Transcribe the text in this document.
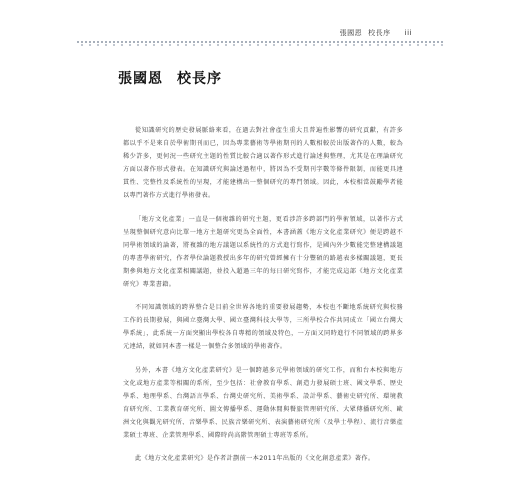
張國恩 校長序 iii
張國恩 校長序

從知識研究的歷史發展脈絡來看，在過去對社會產生重大且普遍性影響的研究貢獻，有許多都以乎不是來自於學術期刊而已，因為專業藝術等學術期刊的人數相較於出版著作的人數，較為稀少許多，更何況一些研究主題的性質比較合適以著作形式進行論述與整理，尤其是在理論研究方面以著作形式發表。在知識研究與論述過程中，將因為不受期刊字數等條件限制，而能更具連貫性、完整性及系統性的呈現，才能建構出一整個研究的專門領域。因此，本校相當鼓勵學者能以專門著作方式進行學術發表。

「地方文化產業」一直是一個複雜的研究主題，更看涉許多跨部門的學術領域，以著作方式呈現整個研究意向比單一地方主題研究更為全面性，本書涵蓋《地方文化產業研究》便是跨越不同學術領域的論著，將複雜的地方議題以系統性的方式進行寫作，是國內外少數能完整建構議題的專書學術研究，作者學位論題教授出多年的研究曾經擁有十分豐碩的路越表多樣關議題，更長期參與地方文化產業相關議題，並投入超過三年的每日研究寫作，才能完成這部《地方文化產業研究》專業書籍。

不同知識領域的跨界整合是目前全世界各地的重要發展趨勢，本校也不斷地系統研究與校務工作的長期發展，與國立臺灣大學、國立臺灣科技大學等，三所學校合作共同成立「國立台灣大學系統」，此系統一方面突顯出學校各自專精的領域及特色，一方面又同時進行不同領域的跨界多元連結，就如同本書一樣是一個整合多領域的學術著作。

另外，本書《地方文化產業研究》是一個跨越多元學術領域的研究工作，而和台本校與地方文化或地方產業等相關的系所，至少包括：社會教育學系、創造力發展碩士班、國文學系、歷史學系、地理學系、台灣語言學系、台灣史研究所、美術學系、設計學系、藝術史研究所、環境教育研究所、工業教育研究所、圖文傳播學系、運動休閒與餐旅管理研究所、大眾傳播研究所、歐洲文化與觀光研究所、音樂學系、民族音樂研究所、表演藝術研究所（及學士學程）、流行音樂產業碩士專班、企業管理學系、國際時尚高階管理碩士專班等系所。

此《地方文化產業研究》是作者計劃前一本2011年出版的《文化創意產業》著作。
